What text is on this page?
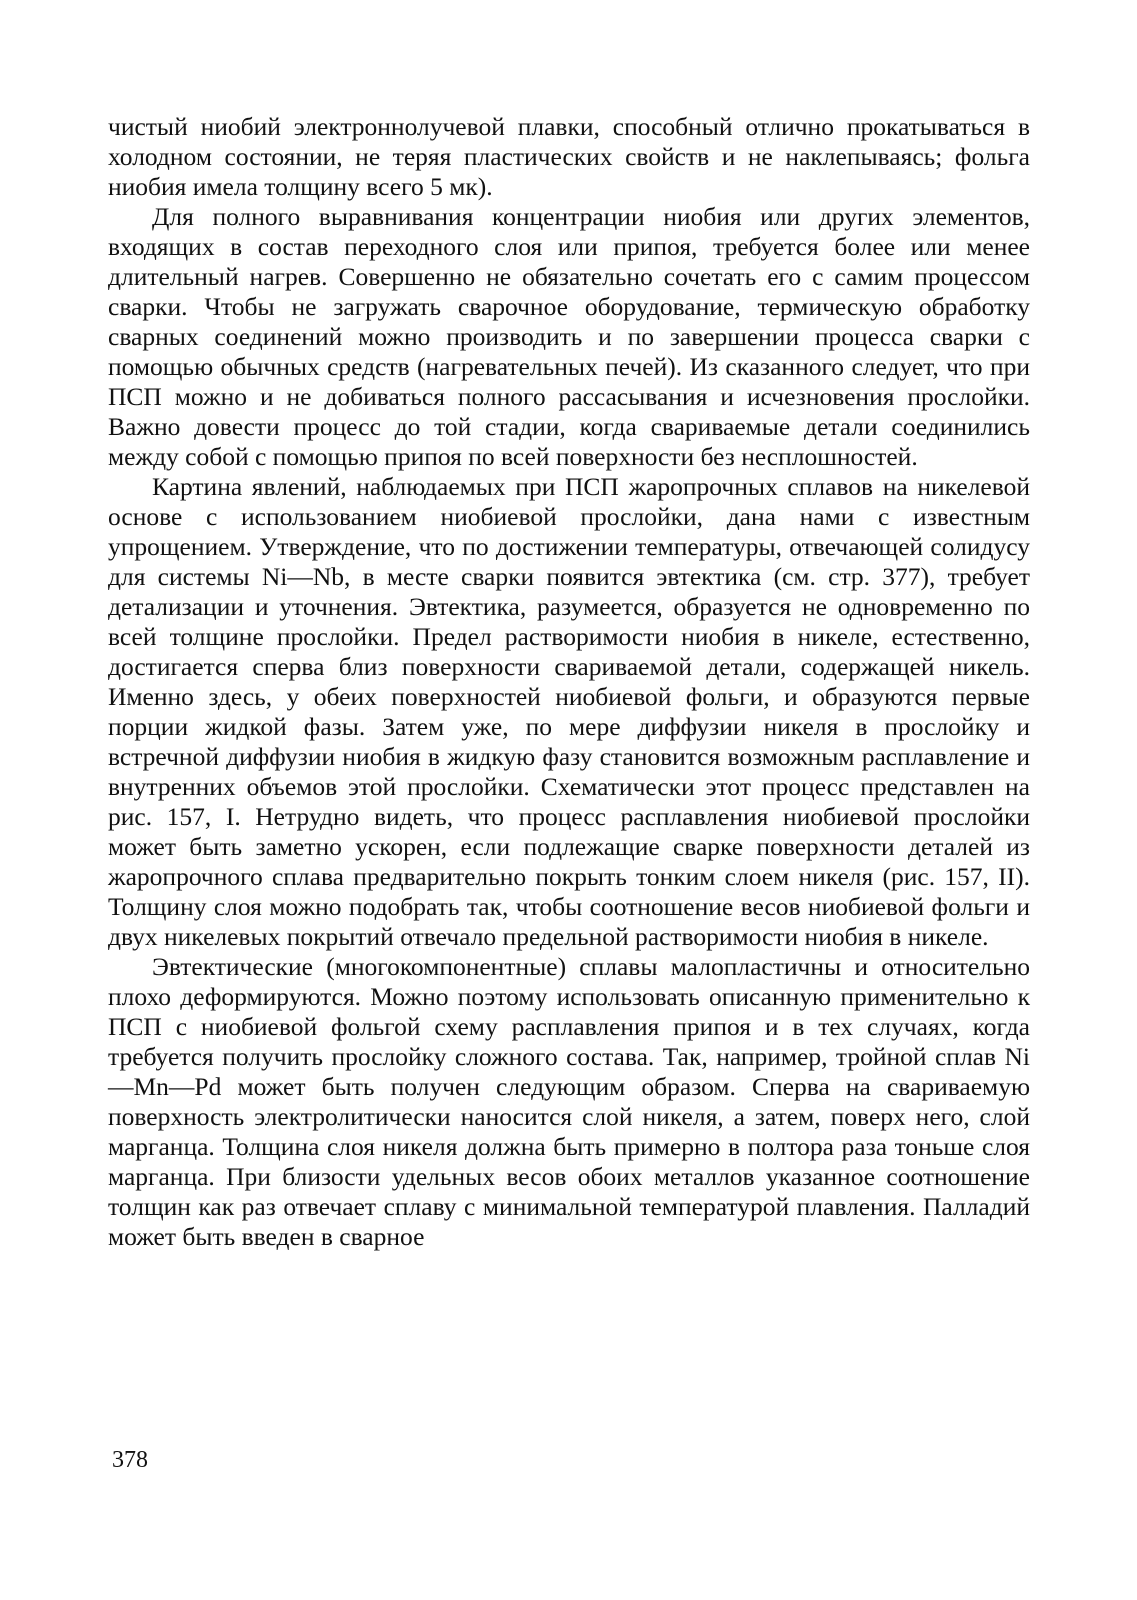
чистый ниобий электроннолучевой плавки, способный отлично прокатываться в холодном состоянии, не теряя пластических свойств и не наклепываясь; фольга ниобия имела толщину всего 5 мк).

Для полного выравнивания концентрации ниобия или других элементов, входящих в состав переходного слоя или припоя, требуется более или менее длительный нагрев. Совершенно не обязательно сочетать его с самим процессом сварки. Чтобы не загружать сварочное оборудование, термическую обработку сварных соединений можно производить и по завершении процесса сварки с помощью обычных средств (нагревательных печей). Из сказанного следует, что при ПСП можно и не добиваться полного рассасывания и исчезновения прослойки. Важно довести процесс до той стадии, когда свариваемые детали соединились между собой с помощью припоя по всей поверхности без несплошностей.

Картина явлений, наблюдаемых при ПСП жаропрочных сплавов на никелевой основе с использованием ниобиевой прослойки, дана нами с известным упрощением. Утверждение, что по достижении температуры, отвечающей солидусу для системы Ni—Nb, в месте сварки появится эвтектика (см. стр. 377), требует детализации и уточнения. Эвтектика, разумеется, образуется не одновременно по всей толщине прослойки. Предел растворимости ниобия в никеле, естественно, достигается сперва близ поверхности свариваемой детали, содержащей никель. Именно здесь, у обеих поверхностей ниобиевой фольги, и образуются первые порции жидкой фазы. Затем уже, по мере диффузии никеля в прослойку и встречной диффузии ниобия в жидкую фазу становится возможным расплавление и внутренних объемов этой прослойки. Схематически этот процесс представлен на рис. 157, I. Нетрудно видеть, что процесс расплавления ниобиевой прослойки может быть заметно ускорен, если подлежащие сварке поверхности деталей из жаропрочного сплава предварительно покрыть тонким слоем никеля (рис. 157, II). Толщину слоя можно подобрать так, чтобы соотношение весов ниобиевой фольги и двух никелевых покрытий отвечало предельной растворимости ниобия в никеле.

Эвтектические (многокомпонентные) сплавы малопластичны и относительно плохо деформируются. Можно поэтому использовать описанную применительно к ПСП с ниобиевой фольгой схему расплавления припоя и в тех случаях, когда требуется получить прослойку сложного состава. Так, например, тройной сплав Ni—Mn—Pd может быть получен следующим образом. Сперва на свариваемую поверхность электролитически наносится слой никеля, а затем, поверх него, слой марганца. Толщина слоя никеля должна быть примерно в полтора раза тоньше слоя марганца. При близости удельных весов обоих металлов указанное соотношение толщин как раз отвечает сплаву с минимальной температурой плавления. Палладий может быть введен в сварное

378
